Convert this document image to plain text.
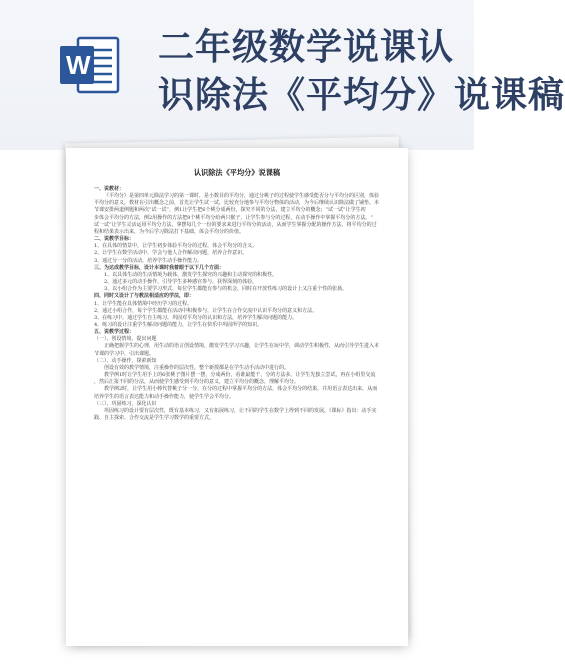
W 二年级数学说课认
识除法《平均分》说课稿
认识除法《平均分》说课稿
一、说教材：
《平均分》是第四单元除法学习的第一课时，是小数目的平均分，通过分桃子的过程使学生感受能否分与平均分的区别，体验
平均分的意义，教材在引出概念之前，首先让学生试一试，比较充分地参与平均分物体的活动，为今后继续认识除法做了铺垫。本
节课安排两道例题和两次“试一试”，例1让学生把6个桃分成两份，探究不同的分法，建立平均分的概念；“试一试”让学生初
步体会平均分的方法，例2用操作的方法把8个桃平均分给两只猴子，让学生参与分的过程，在动手操作中掌握平均分的方法。“
试一试”让学生灵活运用平均分方法，拿摆每几个一份的要求来进行平均分的活动，从而学生掌握分配的操作方法，将平均分的过
程和结果表示出来，为今后学习除法打下基础，体会平均分的价值。
二、说教学目标：
1、在具体的情景中，让学生初步体验平均分的过程，体会平均分的含义。
2、让学生在数学活动中，学会与他人合作解决问题，培养合作意识。
3、通过分一分的活动，培养学生动手操作能力。
三、为达成教学目标，设计本课时我着眼于以下几个方面：
1、以具体生动的生活情境为载体，激发学生探究的兴趣和主动探究的积极性。
2、通过多元的动手操作，引导学生多种感官参与，获得深刻的体验。
3、以小组合作为主要学习形式，每位学生都能有参与的机会，同时在开放性练习的设计上又注重个性的张扬。
四、同时又设计了与教法相适应的学法，即：
1、让学生能在具体情境中经历学习的过程。
2、通过小组合作，每个学生都能在活动中积极参与，让学生在合作交流中认识平均分的意义和方法。
3、在练习中，通过学生自主练习，巩固对平均分的认识和方法，培养学生解决问题的能力。
4、练习的设计注重学生解决问题的能力，让学生在快乐中巩固所学的知识。
五、说教学过程：
（一）、创设情境，提出问题
正确把握学生的心理，用生动的语言创设情境，激发学生学习兴趣，让学生在玩中学，调动学生积极性，从而引导学生进入本
节课的学习中，引出课题。
（二）、动手操作，探索新知
创设有效的教学情境，注重操作的层次性，整个新授都是在学生动手活动中进行的。
教学例1时让学生用手上的6张桃子图片摆一摆，分成两份，看谁最能干，分的方法多。让学生先独立尝试，再在小组里交流
，然后汇报不同的分法，从而使学生感受到平均分的意义，建立平均分的概念，理解平均分。
教学例2时，让学生用小棒代替桃子分一分，在分的过程中掌握平均分的方法，体会平均分的结果，并用语言表达出来，从而
培养学生的语言表达能力和动手操作能力，使学生学会平均分。
（三）、巩固练习，深化认识
巩固练习的设计要有层次性，既有基本练习，又有拓展练习，让不同的学生在数学上得到不同的发展。《课标》指出：动手实
践、自主探索、合作交流是学生学习数学的重要方式。
